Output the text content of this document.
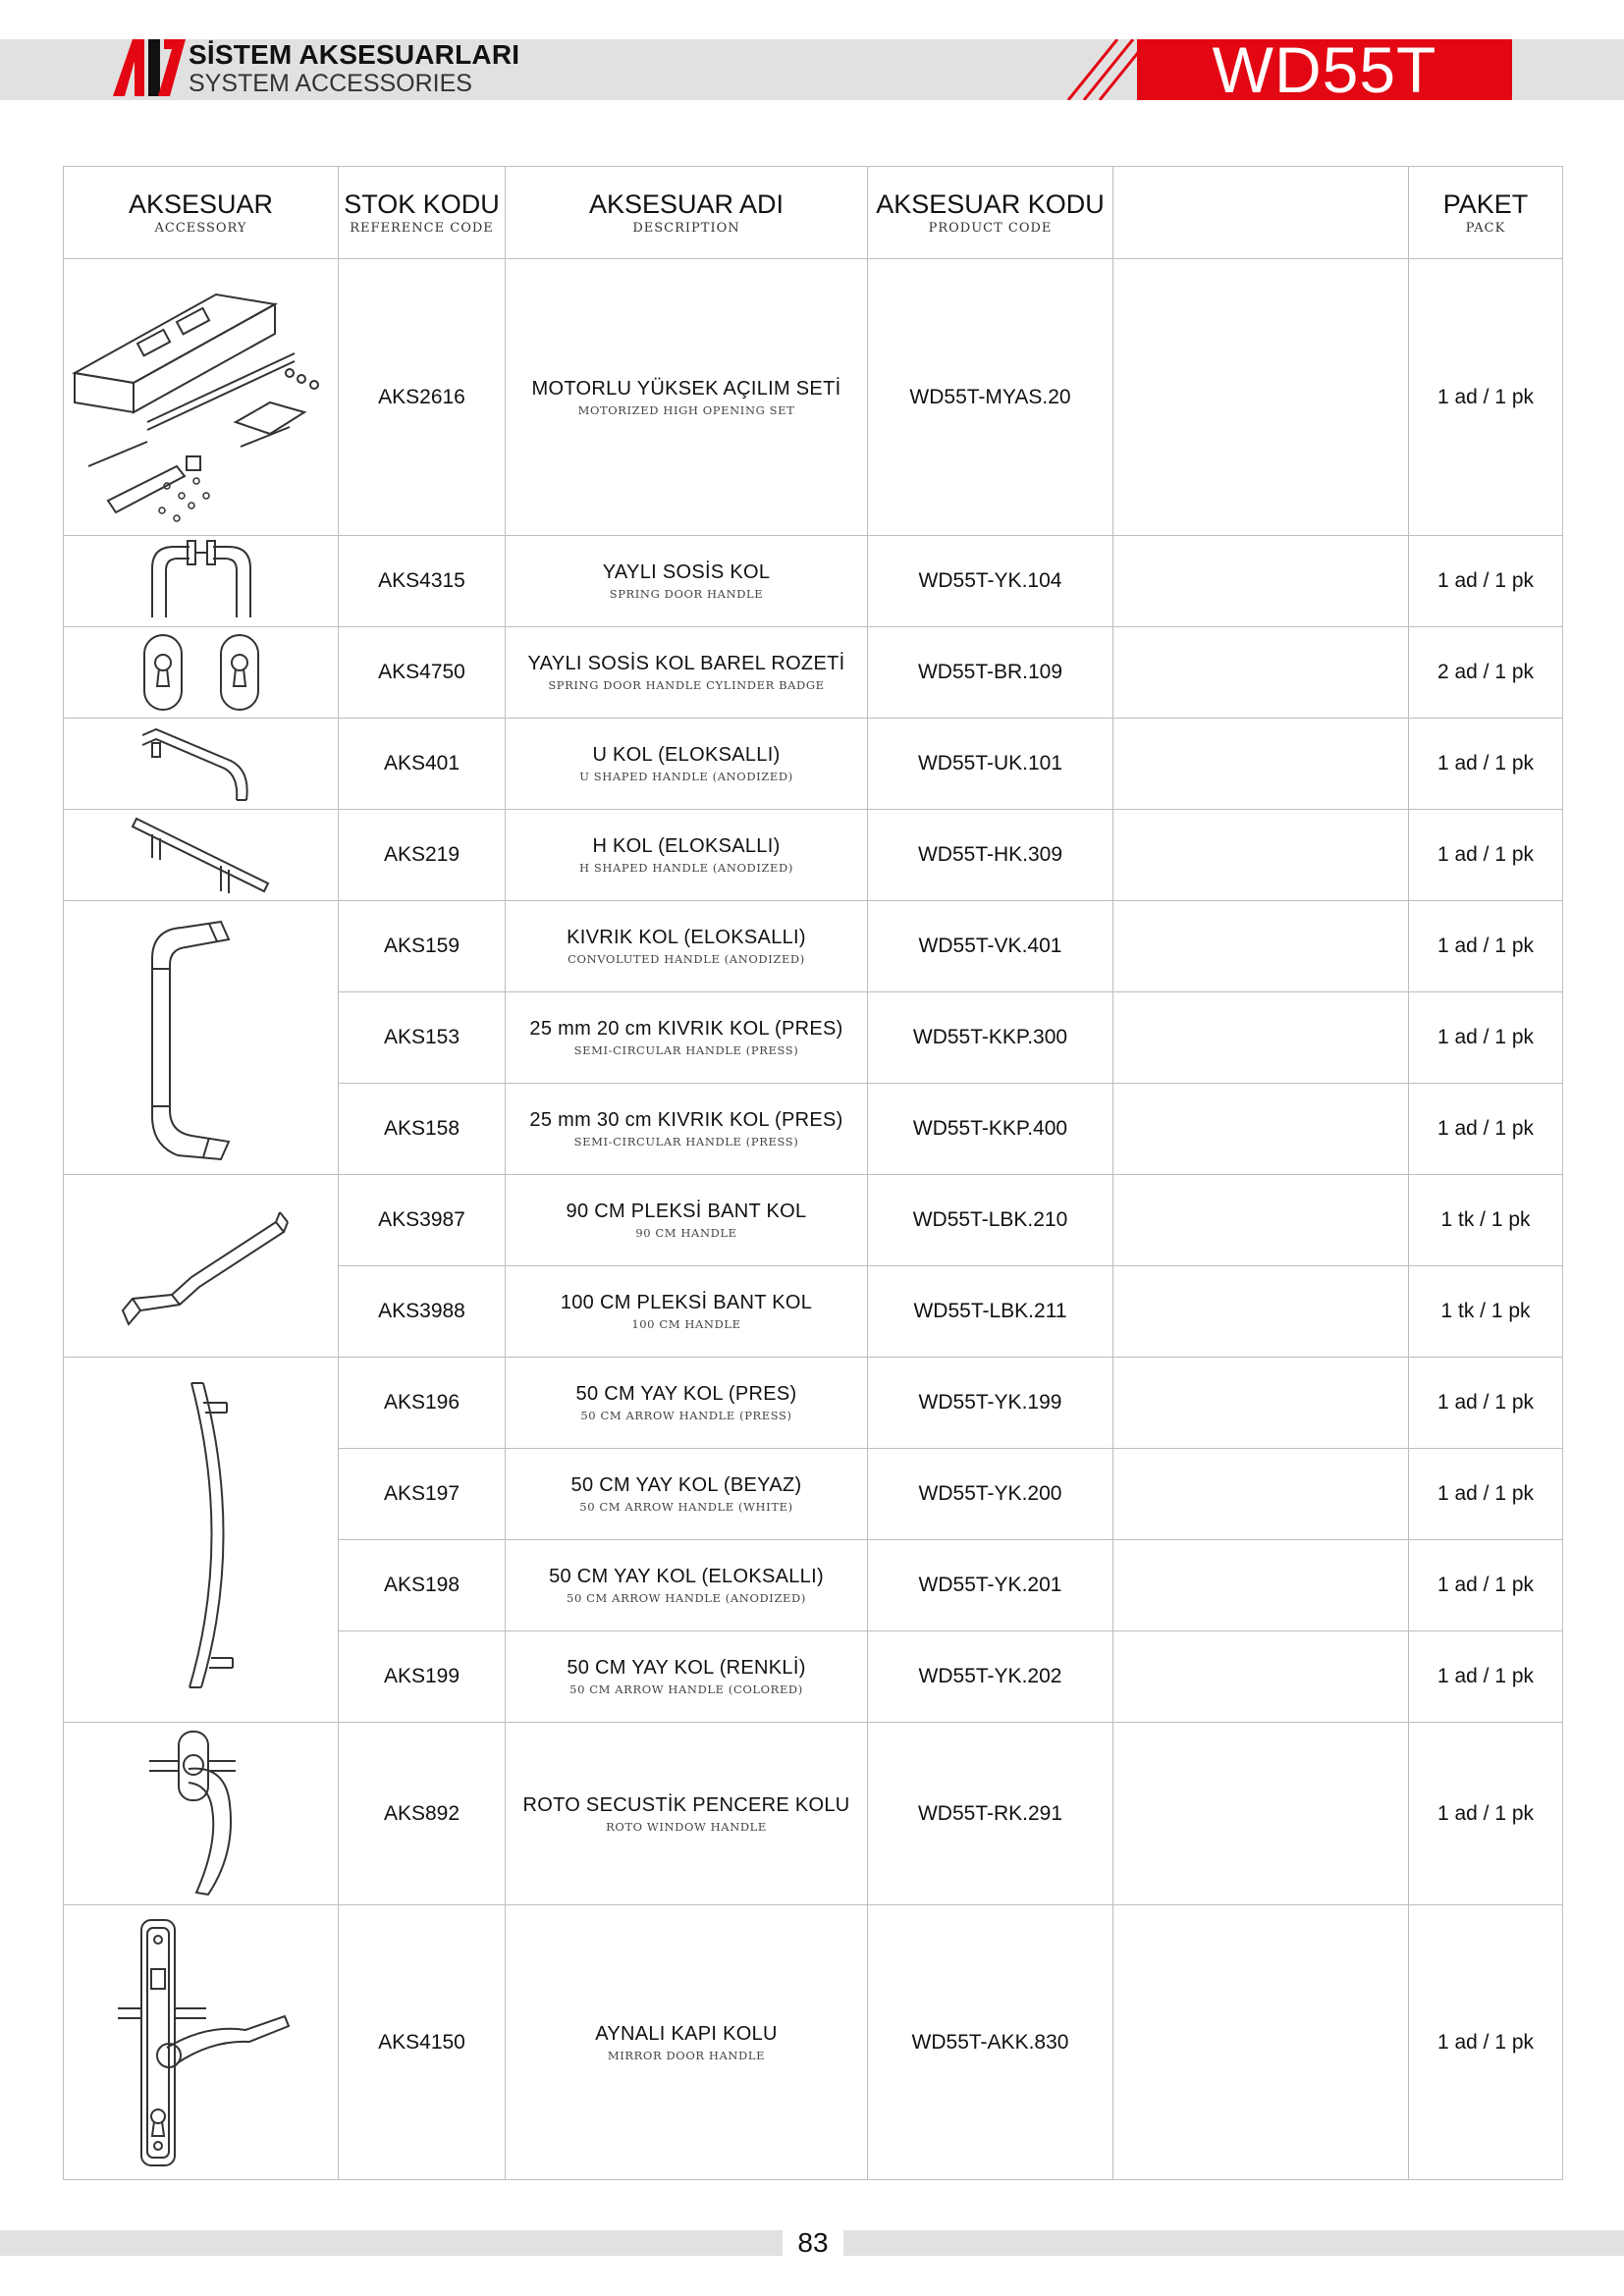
SİSTEM AKSESUARLARI
SYSTEM ACCESSORIES	WD55T
AKSESUAR
ACCESSORY	STOK KODU
REFERENCE CODE	AKSESUAR ADI
DESCRIPTION	AKSESUAR KODU
PRODUCT CODE		PAKET
PACK

	AKS2616	MOTORLU YÜKSEK AÇILIM SETİ
MOTORIZED HIGH OPENING SET	WD55T-MYAS.20		1 ad / 1 pk

	AKS4315	YAYLI SOSİS KOL
SPRING DOOR HANDLE	WD55T-YK.104		1 ad / 1 pk

	AKS4750	YAYLI SOSİS KOL BAREL ROZETİ
SPRING DOOR HANDLE CYLINDER BADGE	WD55T-BR.109		2 ad / 1 pk

	AKS401	U KOL (ELOKSALLI)
U SHAPED HANDLE (ANODIZED)	WD55T-UK.101		1 ad / 1 pk

	AKS219	H KOL (ELOKSALLI)
H SHAPED HANDLE (ANODIZED)	WD55T-HK.309		1 ad / 1 pk

	AKS159	KIVRIK KOL (ELOKSALLI)
CONVOLUTED HANDLE (ANODIZED)	WD55T-VK.401		1 ad / 1 pk
	AKS153	25 mm 20 cm KIVRIK KOL (PRES)
SEMI-CIRCULAR HANDLE (PRESS)	WD55T-KKP.300		1 ad / 1 pk
	AKS158	25 mm 30 cm KIVRIK KOL (PRES)
SEMI-CIRCULAR HANDLE (PRESS)	WD55T-KKP.400		1 ad / 1 pk

	AKS3987	90 CM PLEKSİ BANT KOL
90 CM HANDLE	WD55T-LBK.210		1 tk / 1 pk
	AKS3988	100 CM PLEKSİ BANT KOL
100 CM HANDLE	WD55T-LBK.211		1 tk / 1 pk

	AKS196	50 CM YAY KOL (PRES)
50 CM ARROW HANDLE (PRESS)	WD55T-YK.199		1 ad / 1 pk
	AKS197	50 CM YAY KOL (BEYAZ)
50 CM ARROW HANDLE (WHITE)	WD55T-YK.200		1 ad / 1 pk
	AKS198	50 CM YAY KOL (ELOKSALLI)
50 CM ARROW HANDLE (ANODIZED)	WD55T-YK.201		1 ad / 1 pk
	AKS199	50 CM YAY KOL (RENKLİ)
50 CM ARROW HANDLE (COLORED)	WD55T-YK.202		1 ad / 1 pk

	AKS892	ROTO SECUSTİK PENCERE KOLU
ROTO WINDOW HANDLE	WD55T-RK.291		1 ad / 1 pk

	AKS4150	AYNALI KAPI KOLU
MIRROR DOOR HANDLE	WD55T-AKK.830		1 ad / 1 pk
83
